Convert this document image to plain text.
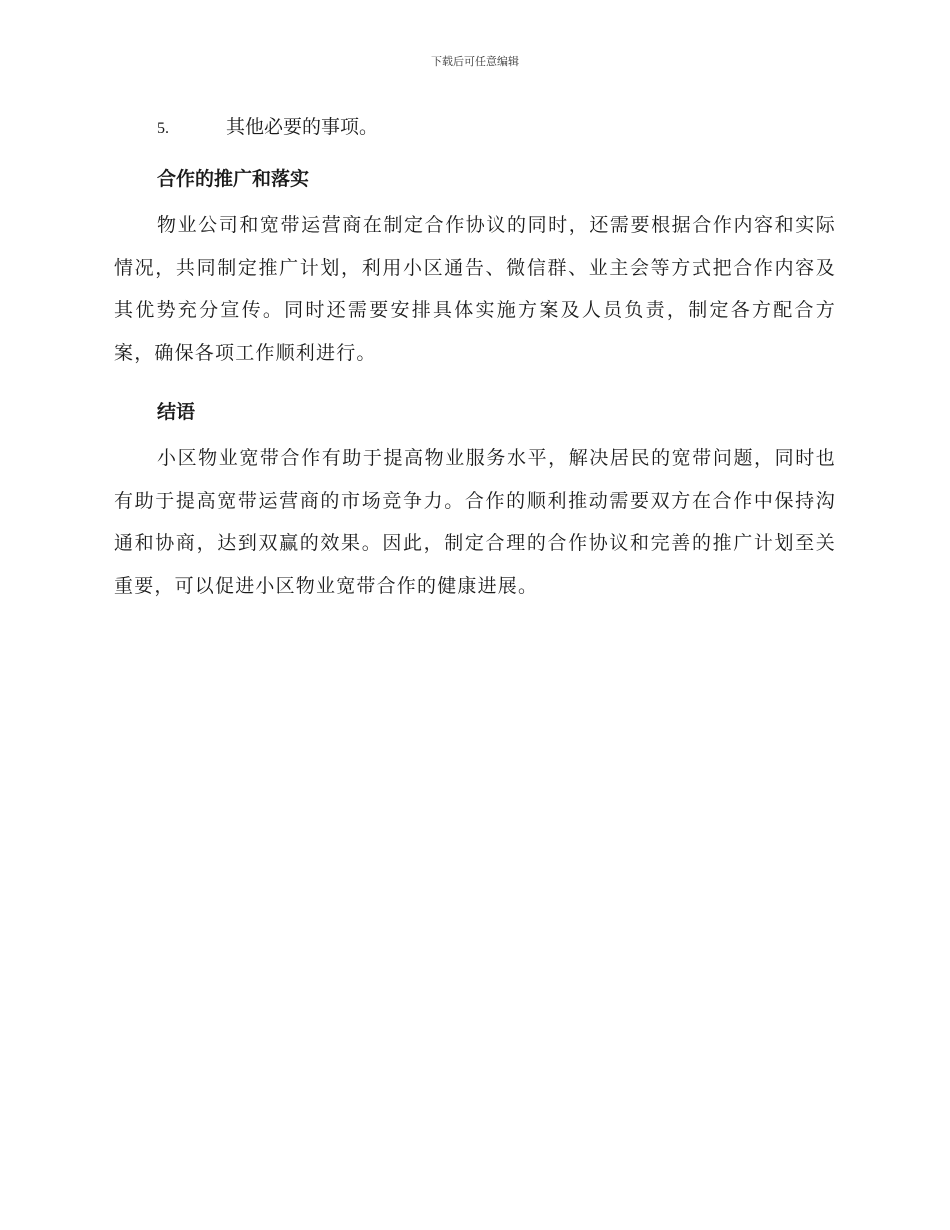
下载后可任意编辑
5.	其他必要的事项。
合作的推广和落实

物业公司和宽带运营商在制定合作协议的同时，还需要根据合作内容和实际情况，共同制定推广计划，利用小区通告、微信群、业主会等方式把合作内容及其优势充分宣传。同时还需要安排具体实施方案及人员负责，制定各方配合方案，确保各项工作顺利进行。

结语

小区物业宽带合作有助于提高物业服务水平，解决居民的宽带问题，同时也有助于提高宽带运营商的市场竞争力。合作的顺利推动需要双方在合作中保持沟通和协商，达到双赢的效果。因此，制定合理的合作协议和完善的推广计划至关重要，可以促进小区物业宽带合作的健康进展。
